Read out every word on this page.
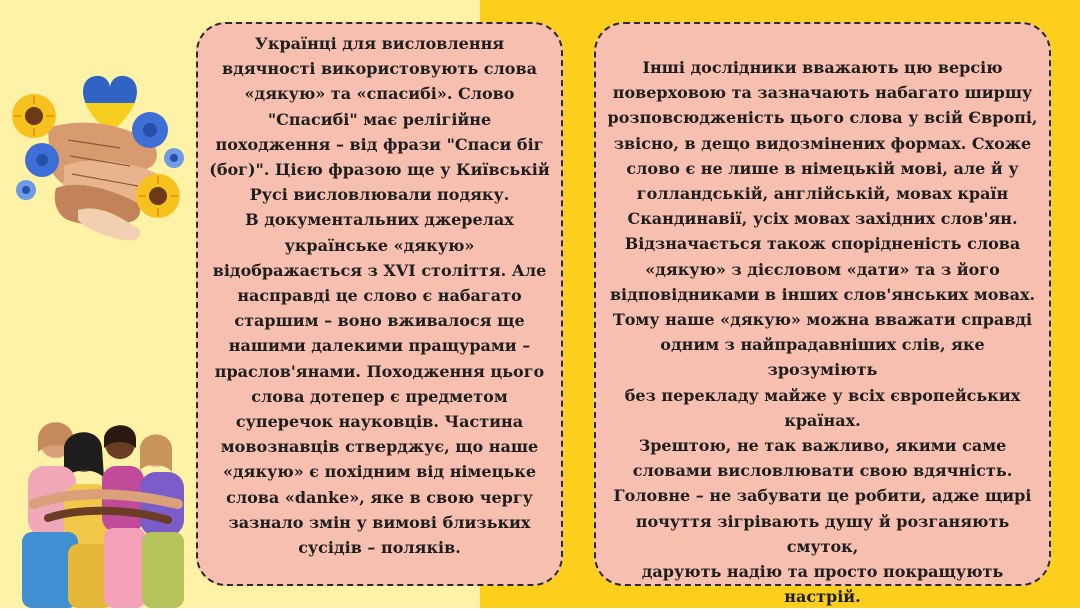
Українці для висловлення
вдячності використовують слова
«дякую» та «спасибі». Слово
"Спасибі" має релігійне
походження – від фрази "Спаси біг
(бог)". Цією фразою ще у Київській
Русі висловлювали подяку.
В документальних джерелах
українське «дякую»
відображається з XVI століття. Але
насправді це слово є набагато
старшим – воно вживалося ще
нашими далекими пращурами –
праслов'янами. Походження цього
слова дотепер є предметом
суперечок науковців. Частина
мовознавців стверджує, що наше
«дякую» є похідним від німецьке
слова «danke», яке в свою чергу
зазнало змін у вимові близьких
сусідів – поляків.

Інші дослідники вважають цю версію
поверховою та зазначають набагато ширшу
розповсюдженість цього слова у всій Європі,
звісно, в дещо видозмінених формах. Схоже
слово є не лише в німецькій мові, але й у
голландській, англійській, мовах країн
Скандинавії, усіх мовах західних слов'ян.
Відзначається також спорідненість слова
«дякую» з дієсловом «дати» та з його
відповідниками в інших слов'янських мовах.
Тому наше «дякую» можна вважати справді
одним з найпрадавніших слів, яке зрозуміють
без перекладу майже у всіх європейських
країнах.
Зрештою, не так важливо, якими саме
словами висловлювати свою вдячність.
Головне – не забувати це робити, адже щирі
почуття зігрівають душу й розганяють смуток,
дарують надію та просто покращують настрій.
